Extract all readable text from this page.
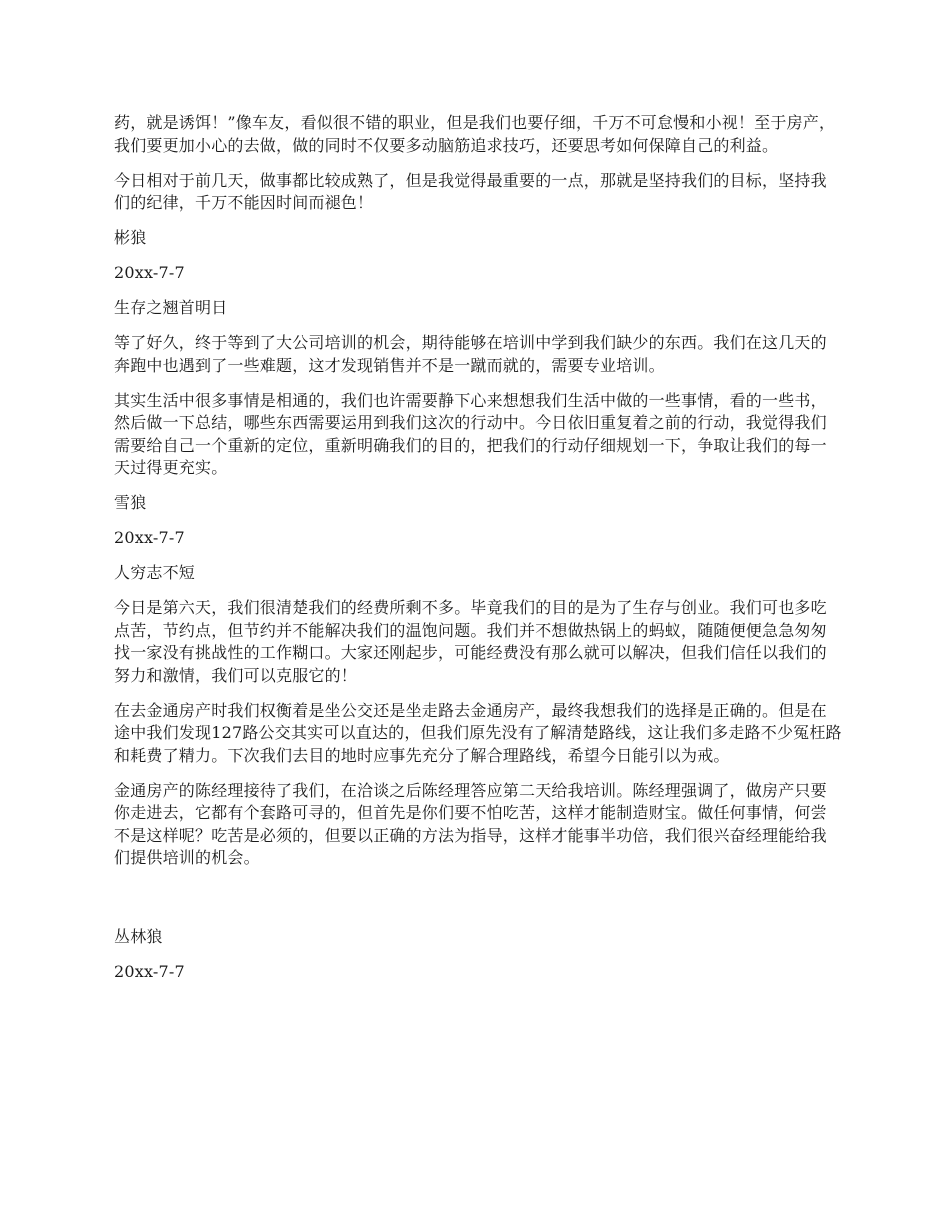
药，就是诱饵！”像车友，看似很不错的职业，但是我们也要仔细，千万不可怠慢和小视！至于房产，我们要更加小心的去做，做的同时不仅要多动脑筋追求技巧，还要思考如何保障自己的利益。

今日相对于前几天，做事都比较成熟了，但是我觉得最重要的一点，那就是坚持我们的目标，坚持我们的纪律，千万不能因时间而褪色！

彬狼

20xx-7-7

生存之翘首明日

等了好久，终于等到了大公司培训的机会，期待能够在培训中学到我们缺少的东西。我们在这几天的奔跑中也遇到了一些难题，这才发现销售并不是一蹴而就的，需要专业培训。

其实生活中很多事情是相通的，我们也许需要静下心来想想我们生活中做的一些事情，看的一些书，然后做一下总结，哪些东西需要运用到我们这次的行动中。今日依旧重复着之前的行动，我觉得我们需要给自己一个重新的定位，重新明确我们的目的，把我们的行动仔细规划一下，争取让我们的每一天过得更充实。

雪狼

20xx-7-7

人穷志不短

今日是第六天，我们很清楚我们的经费所剩不多。毕竟我们的目的是为了生存与创业。我们可也多吃点苦，节约点，但节约并不能解决我们的温饱问题。我们并不想做热锅上的蚂蚁，随随便便急急匆匆找一家没有挑战性的工作糊口。大家还刚起步，可能经费没有那么就可以解决，但我们信任以我们的努力和激情，我们可以克服它的！

在去金通房产时我们权衡着是坐公交还是坐走路去金通房产，最终我想我们的选择是正确的。但是在途中我们发现127路公交其实可以直达的，但我们原先没有了解清楚路线，这让我们多走路不少冤枉路和耗费了精力。下次我们去目的地时应事先充分了解合理路线，希望今日能引以为戒。

金通房产的陈经理接待了我们，在洽谈之后陈经理答应第二天给我培训。陈经理强调了，做房产只要你走进去，它都有个套路可寻的，但首先是你们要不怕吃苦，这样才能制造财宝。做任何事情，何尝不是这样呢？吃苦是必须的，但要以正确的方法为指导，这样才能事半功倍，我们很兴奋经理能给我们提供培训的机会。

丛林狼

20xx-7-7
